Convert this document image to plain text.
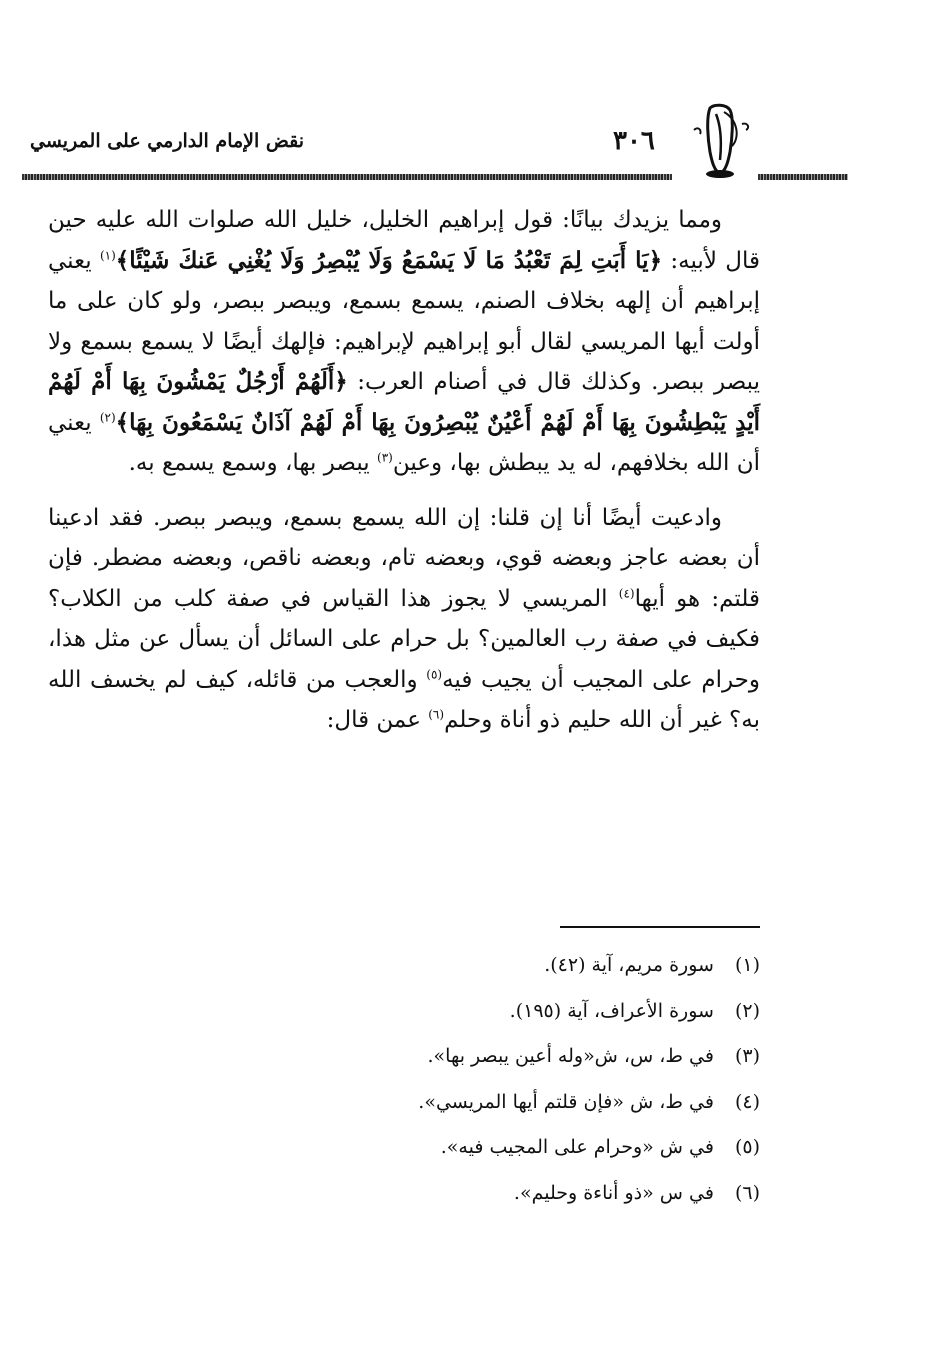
نقض الإمام الدارمي على المريسي	٣٠٦

ومما يزيدك بيانًا: قول إبراهيم الخليل، خليل الله صلوات الله عليه حين قال لأبيه: ﴿يَا أَبَتِ لِمَ تَعْبُدُ مَا لَا يَسْمَعُ وَلَا يُبْصِرُ وَلَا يُغْنِي عَنكَ شَيْئًا﴾$^{(١)}$ يعني إبراهيم أن إلهه بخلاف الصنم، يسمع بسمع، ويبصر ببصر، ولو كان على ما أولت أيها المريسي لقال أبو إبراهيم لإبراهيم: فإلهك أيضًا لا يسمع بسمع ولا يبصر ببصر. وكذلك قال في أصنام العرب: ﴿أَلَهُمْ أَرْجُلٌ يَمْشُونَ بِهَا أَمْ لَهُمْ أَيْدٍ يَبْطِشُونَ بِهَا أَمْ لَهُمْ أَعْيُنٌ يُبْصِرُونَ بِهَا أَمْ لَهُمْ آذَانٌ يَسْمَعُونَ بِهَا﴾$^{(٢)}$ يعني أن الله بخلافهم، له يد يبطش بها، وعين$^{(٣)}$ يبصر بها، وسمع يسمع به.

وادعيت أيضًا أنا إن قلنا: إن الله يسمع بسمع، ويبصر ببصر. فقد ادعينا أن بعضه عاجز وبعضه قوي، وبعضه تام، وبعضه ناقص، وبعضه مضطر. فإن قلتم: هو أيها$^{(٤)}$ المريسي لا يجوز هذا القياس في صفة كلب من الكلاب؟ فكيف في صفة رب العالمين؟ بل حرام على السائل أن يسأل عن مثل هذا، وحرام على المجيب أن يجيب فيه$^{(٥)}$ والعجب من قائله، كيف لم يخسف الله به؟ غير أن الله حليم ذو أناة وحلم$^{(٦)}$ عمن قال:

(١) سورة مريم، آية (٤٢).
(٢) سورة الأعراف، آية (١٩٥).
(٣) في ط، س، ش«وله أعين يبصر بها».
(٤) في ط، ش «فإن قلتم أيها المريسي».
(٥) في ش «وحرام على المجيب فيه».
(٦) في س «ذو أناءة وحليم».
